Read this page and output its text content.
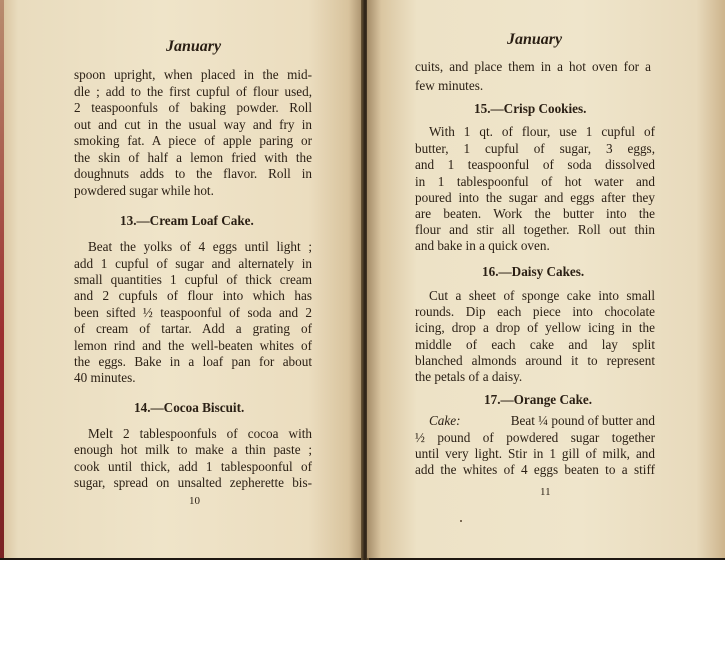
January
spoon upright, when placed in the mid-
dle ; add to the first cupful of flour used,
2 teaspoonfuls of baking powder. Roll
out and cut in the usual way and fry in
smoking fat. A piece of apple paring or
the skin of half a lemon fried with the
doughnuts adds to the flavor. Roll in
powdered sugar while hot.
13.—Cream Loaf Cake.
Beat the yolks of 4 eggs until light ;
add 1 cupful of sugar and alternately in
small quantities 1 cupful of thick cream
and 2 cupfuls of flour into which has
been sifted ½ teaspoonful of soda and 2
of cream of tartar. Add a grating of
lemon rind and the well-beaten whites of
the eggs. Bake in a loaf pan for about
40 minutes.
14.—Cocoa Biscuit.
Melt 2 tablespoonfuls of cocoa with
enough hot milk to make a thin paste ;
cook until thick, add 1 tablespoonful of
sugar, spread on unsalted zepherette bis-
10
January
cuits, and place them in a hot oven for a
few minutes.
15.—Crisp Cookies.
With 1 qt. of flour, use 1 cupful of
butter, 1 cupful of sugar, 3 eggs,
and 1 teaspoonful of soda dissolved
in 1 tablespoonful of hot water and
poured into the sugar and eggs after they
are beaten. Work the butter into the
flour and stir all together. Roll out thin
and bake in a quick oven.
16.—Daisy Cakes.
Cut a sheet of sponge cake into small
rounds. Dip each piece into chocolate
icing, drop a drop of yellow icing in the
middle of each cake and lay split
blanched almonds around it to represent
the petals of a daisy.
17.—Orange Cake.
Cake:	Beat ¼ pound of butter and
½ pound of powdered sugar together
until very light. Stir in 1 gill of milk, and
add the whites of 4 eggs beaten to a stiff
11
